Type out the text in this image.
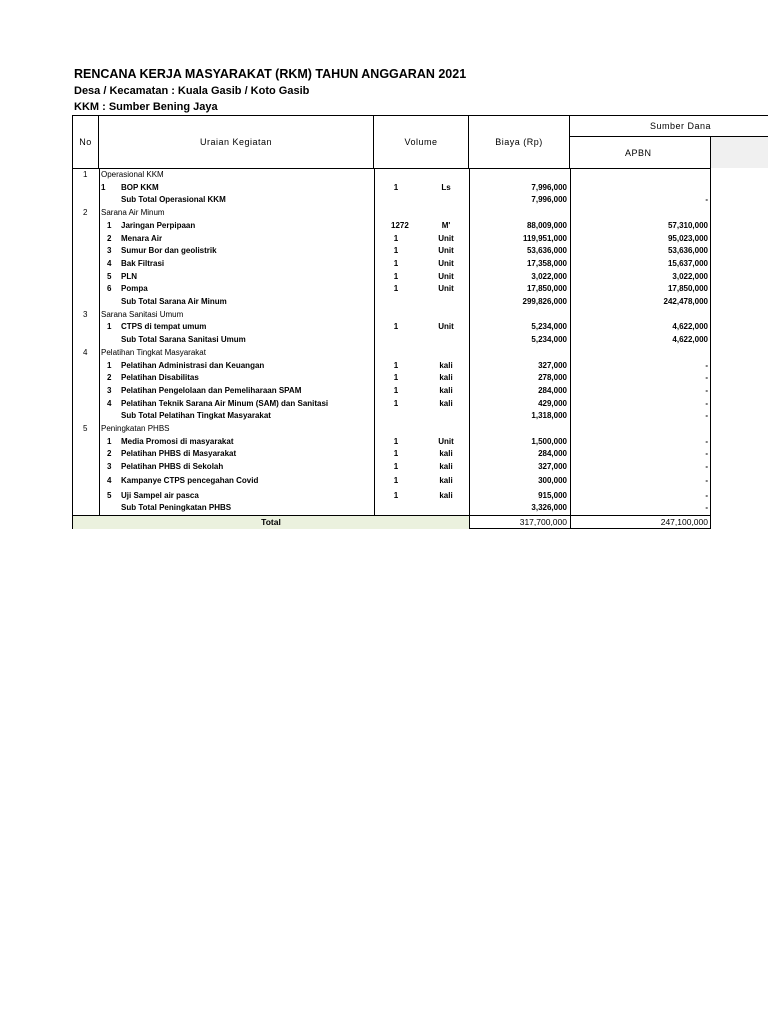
RENCANA KERJA MASYARAKAT (RKM) TAHUN ANGGARAN 2021
Desa / Kecamatan : Kuala Gasib / Koto Gasib
KKM : Sumber Bening Jaya
No	Uraian Kegiatan	Volume	Biaya (Rp)
Sumber Dana
APBN
1 Operasional KKM
1 BOP KKM	1	Ls	7,996,000
Sub Total Operasional KKM	7,996,000	-
2 Sarana Air Minum
1 Jaringan Perpipaan	1272	M'	88,009,000	57,310,000
2 Menara Air	1	Unit	119,951,000	95,023,000
3 Sumur Bor dan geolistrik	1	Unit	53,636,000	53,636,000
4 Bak Filtrasi	1	Unit	17,358,000	15,637,000
5 PLN	1	Unit	3,022,000	3,022,000
6 Pompa	1	Unit	17,850,000	17,850,000
Sub Total Sarana Air Minum	299,826,000	242,478,000
3 Sarana Sanitasi Umum
1 CTPS di tempat umum	1	Unit	5,234,000	4,622,000
Sub Total Sarana Sanitasi Umum	5,234,000	4,622,000
4 Pelatihan Tingkat Masyarakat
1 Pelatihan Administrasi dan Keuangan	1	kali	327,000	-
2 Pelatihan Disabilitas	1	kali	278,000	-
3 Pelatihan Pengelolaan dan Pemeliharaan SPAM	1	kali	284,000	-
4 Pelatihan Teknik Sarana Air Minum (SAM) dan Sanitasi	1	kali	429,000	-
Sub Total Pelatihan Tingkat Masyarakat	1,318,000	-
5 Peningkatan PHBS
1 Media Promosi di masyarakat	1	Unit	1,500,000	-
2 Pelatihan PHBS di Masyarakat	1	kali	284,000	-
3 Pelatihan PHBS di Sekolah	1	kali	327,000	-
4 Kampanye CTPS pencegahan Covid	1	kali	300,000	-
5 Uji Sampel air pasca	1	kali	915,000	-
Sub Total Peningkatan PHBS	3,326,000	-
Total	317,700,000	247,100,000
